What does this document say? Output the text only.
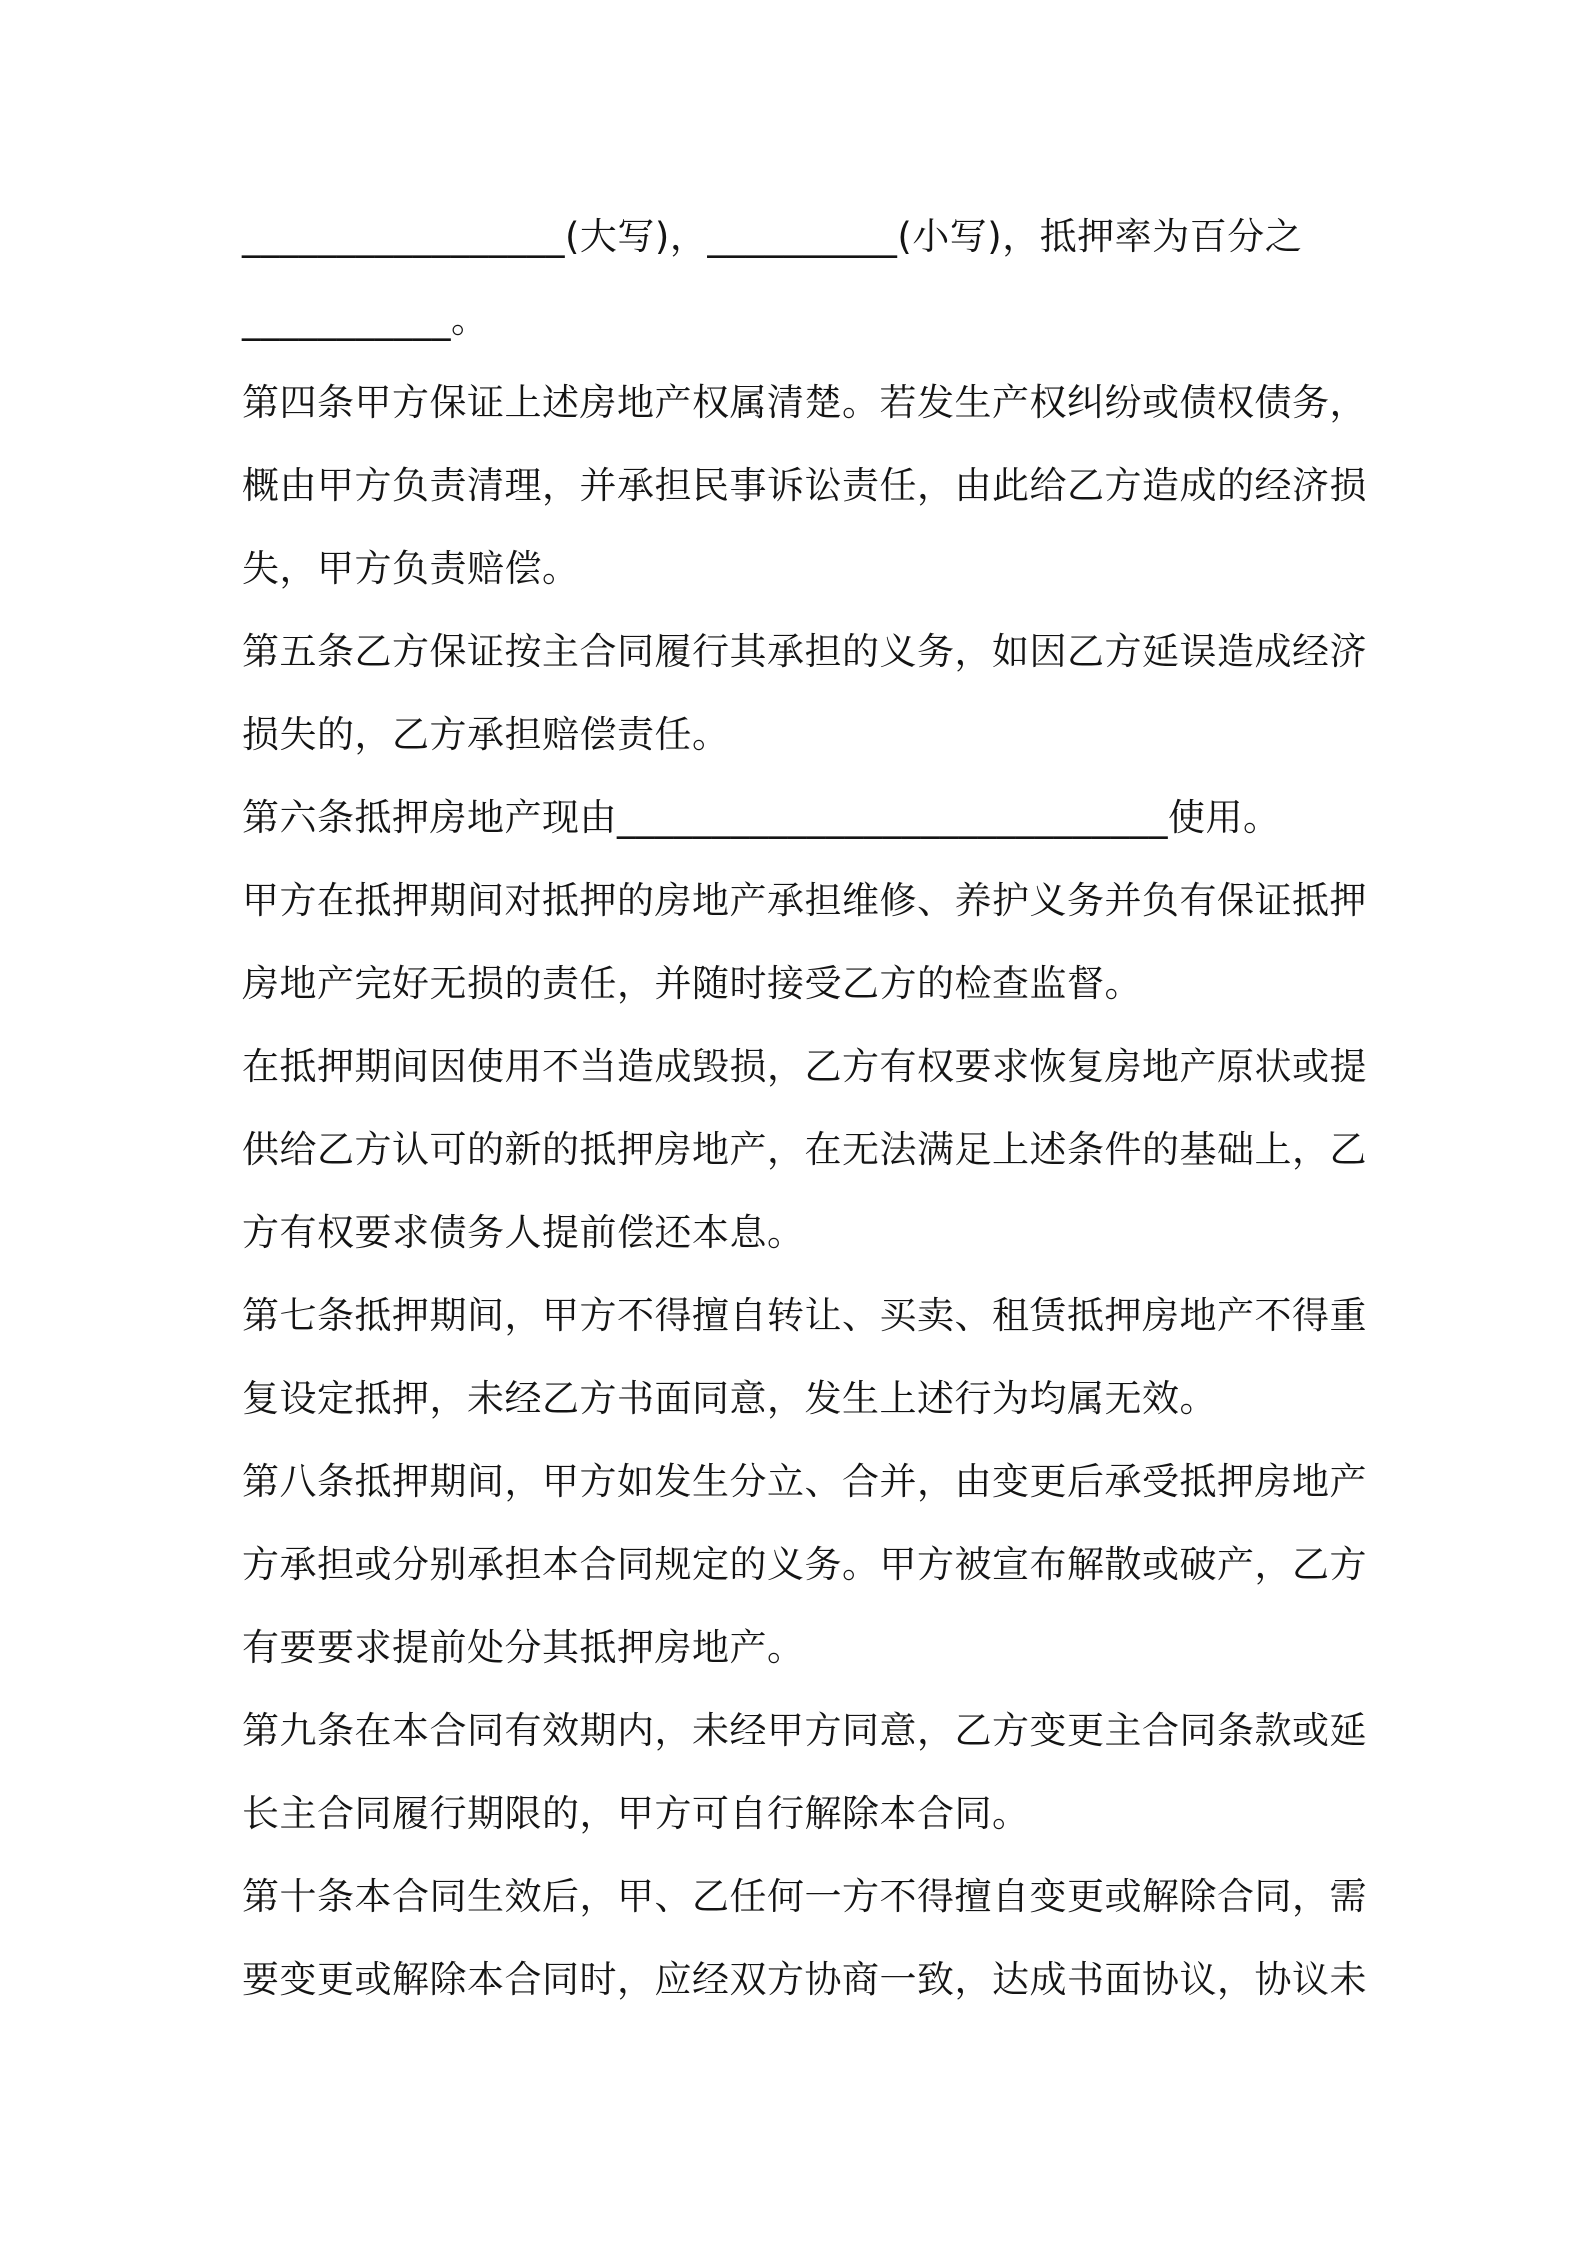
_________________(大写)，__________(小写)，抵押率为百分之
___________。
第四条甲方保证上述房地产权属清楚。若发生产权纠纷或债权债务，
概由甲方负责清理，并承担民事诉讼责任，由此给乙方造成的经济损
失，甲方负责赔偿。
第五条乙方保证按主合同履行其承担的义务，如因乙方延误造成经济
损失的，乙方承担赔偿责任。
第六条抵押房地产现由_____________________________使用。
甲方在抵押期间对抵押的房地产承担维修、养护义务并负有保证抵押
房地产完好无损的责任，并随时接受乙方的检查监督。
在抵押期间因使用不当造成毁损，乙方有权要求恢复房地产原状或提
供给乙方认可的新的抵押房地产，在无法满足上述条件的基础上，乙
方有权要求债务人提前偿还本息。
第七条抵押期间，甲方不得擅自转让、买卖、租赁抵押房地产不得重
复设定抵押，未经乙方书面同意，发生上述行为均属无效。
第八条抵押期间，甲方如发生分立、合并，由变更后承受抵押房地产
方承担或分别承担本合同规定的义务。甲方被宣布解散或破产，乙方
有要要求提前处分其抵押房地产。
第九条在本合同有效期内，未经甲方同意，乙方变更主合同条款或延
长主合同履行期限的，甲方可自行解除本合同。
第十条本合同生效后，甲、乙任何一方不得擅自变更或解除合同，需
要变更或解除本合同时，应经双方协商一致，达成书面协议，协议未
